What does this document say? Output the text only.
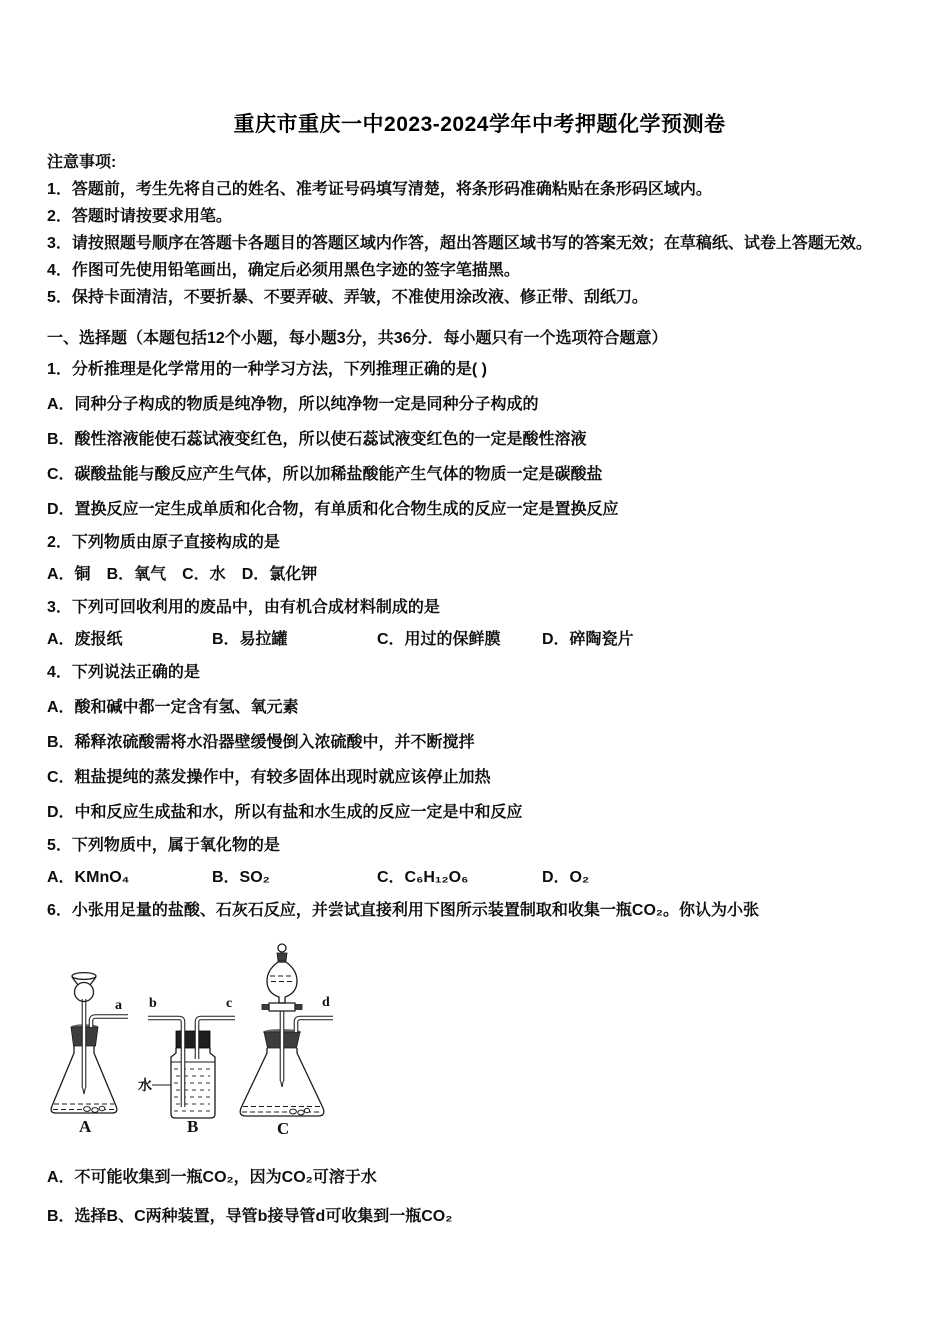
重庆市重庆一中2023-2024学年中考押题化学预测卷
注意事项:
1．答题前，考生先将自己的姓名、准考证号码填写清楚，将条形码准确粘贴在条形码区域内。
2．答题时请按要求用笔。
3．请按照题号顺序在答题卡各题目的答题区域内作答，超出答题区域书写的答案无效；在草稿纸、试卷上答题无效。
4．作图可先使用铅笔画出，确定后必须用黑色字迹的签字笔描黑。
5．保持卡面清洁，不要折暴、不要弄破、弄皱，不准使用涂改液、修正带、刮纸刀。
一、选择题（本题包括12个小题，每小题3分，共36分．每小题只有一个选项符合题意）
1．分析推理是化学常用的一种学习方法，下列推理正确的是( )
A．同种分子构成的物质是纯净物，所以纯净物一定是同种分子构成的
B．酸性溶液能使石蕊试液变红色，所以使石蕊试液变红色的一定是酸性溶液
C．碳酸盐能与酸反应产生气体，所以加稀盐酸能产生气体的物质一定是碳酸盐
D．置换反应一定生成单质和化合物，有单质和化合物生成的反应一定是置换反应
2．下列物质由原子直接构成的是
A．铜 B．氧气 C．水 D．氯化钾
3．下列可回收利用的废品中，由有机合成材料制成的是
A．废报纸	B．易拉罐	C．用过的保鲜膜	D．碎陶瓷片
4．下列说法正确的是
A．酸和碱中都一定含有氢、氧元素
B．稀释浓硫酸需将水沿器壁缓慢倒入浓硫酸中，并不断搅拌
C．粗盐提纯的蒸发操作中，有较多固体出现时就应该停止加热
D．中和反应生成盐和水，所以有盐和水生成的反应一定是中和反应
5．下列物质中，属于氧化物的是
A．KMnO₄	B．SO₂	C．C₆H₁₂O₆	D．O₂
6．小张用足量的盐酸、石灰石反应，并尝试直接利用下图所示装置制取和收集一瓶CO₂。你认为小张
a
A
水
b	c
B
d
C
A．不可能收集到一瓶CO₂，因为CO₂可溶于水
B．选择B、C两种装置，导管b接导管d可收集到一瓶CO₂
